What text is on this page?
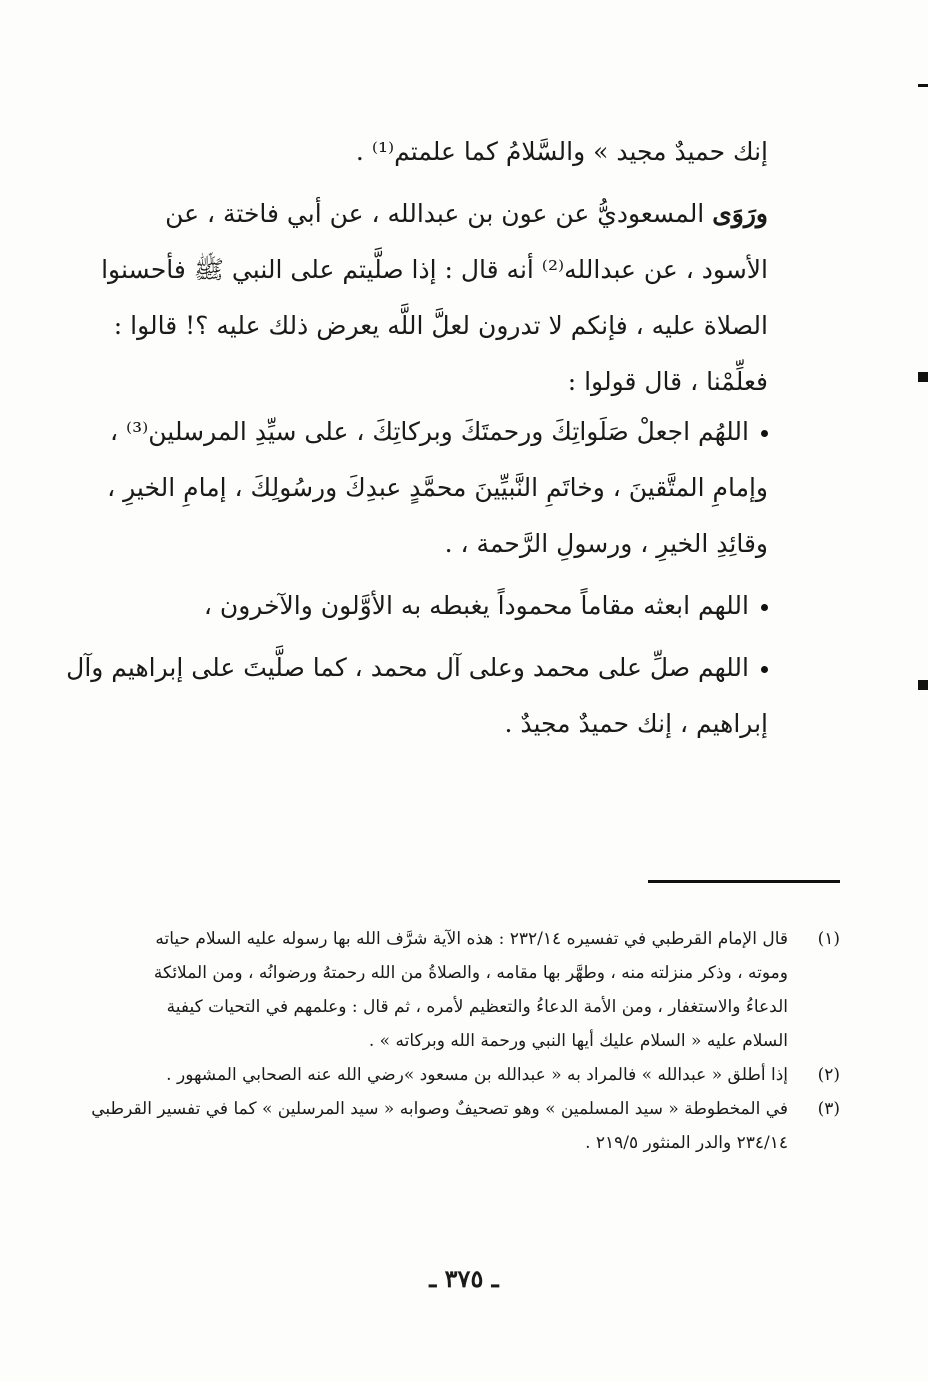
إنك حميدٌ مجيد » والسَّلامُ كما علمتم⁽¹⁾ .
ورَوَى المسعوديُّ عن عون بن عبدالله ، عن أبي فاختة ، عن
الأسود ، عن عبدالله⁽²⁾ أنه قال : إذا صلَّيتم على النبي ﷺ فأحسنوا
الصلاة عليه ، فإنكم لا تدرون لعلَّ اللَّه يعرض ذلك عليه ؟! قالوا :
فعلِّمْنا ، قال قولوا :
اللهُم اجعلْ صَلَواتِكَ ورحمتَكَ وبركاتِكَ ، على سيِّدِ المرسلين⁽³⁾ ،
وإمامِ المتَّقينَ ، وخاتَمِ النَّبيِّينَ محمَّدٍ عبدِكَ ورسُولِكَ ، إمامِ الخيرِ ،
وقائِدِ الخيرِ ، ورسولِ الرَّحمة ، .
اللهم ابعثه مقاماً محموداً يغبطه به الأوَّلون والآخرون ،
اللهم صلِّ على محمد وعلى آل محمد ، كما صلَّيتَ على إبراهيم وآل
إبراهيم ، إنك حميدٌ مجيدٌ .
(١)
قال الإمام القرطبي في تفسيره ٢٣٢/١٤ : هذه الآية شرَّف الله بها رسوله عليه السلام حياته
وموته ، وذكر منزلته منه ، وطهَّر بها مقامه ، والصلاةُ من الله رحمتهُ ورضوانُه ، ومن الملائكة
الدعاءُ والاستغفار ، ومن الأمة الدعاءُ والتعظيم لأمره ، ثم قال : وعلمهم في التحيات كيفية
السلام عليه « السلام عليك أيها النبي ورحمة الله وبركاته » .
(٢)
إذا أطلق « عبدالله » فالمراد به « عبدالله بن مسعود »رضي الله عنه الصحابي المشهور .
(٣)
في المخطوطة « سيد المسلمين » وهو تصحيفٌ وصوابه « سيد المرسلين » كما في تفسير القرطبي
٢٣٤/١٤ والدر المنثور ٢١٩/٥ .
ـ ٣٧٥ ـ
